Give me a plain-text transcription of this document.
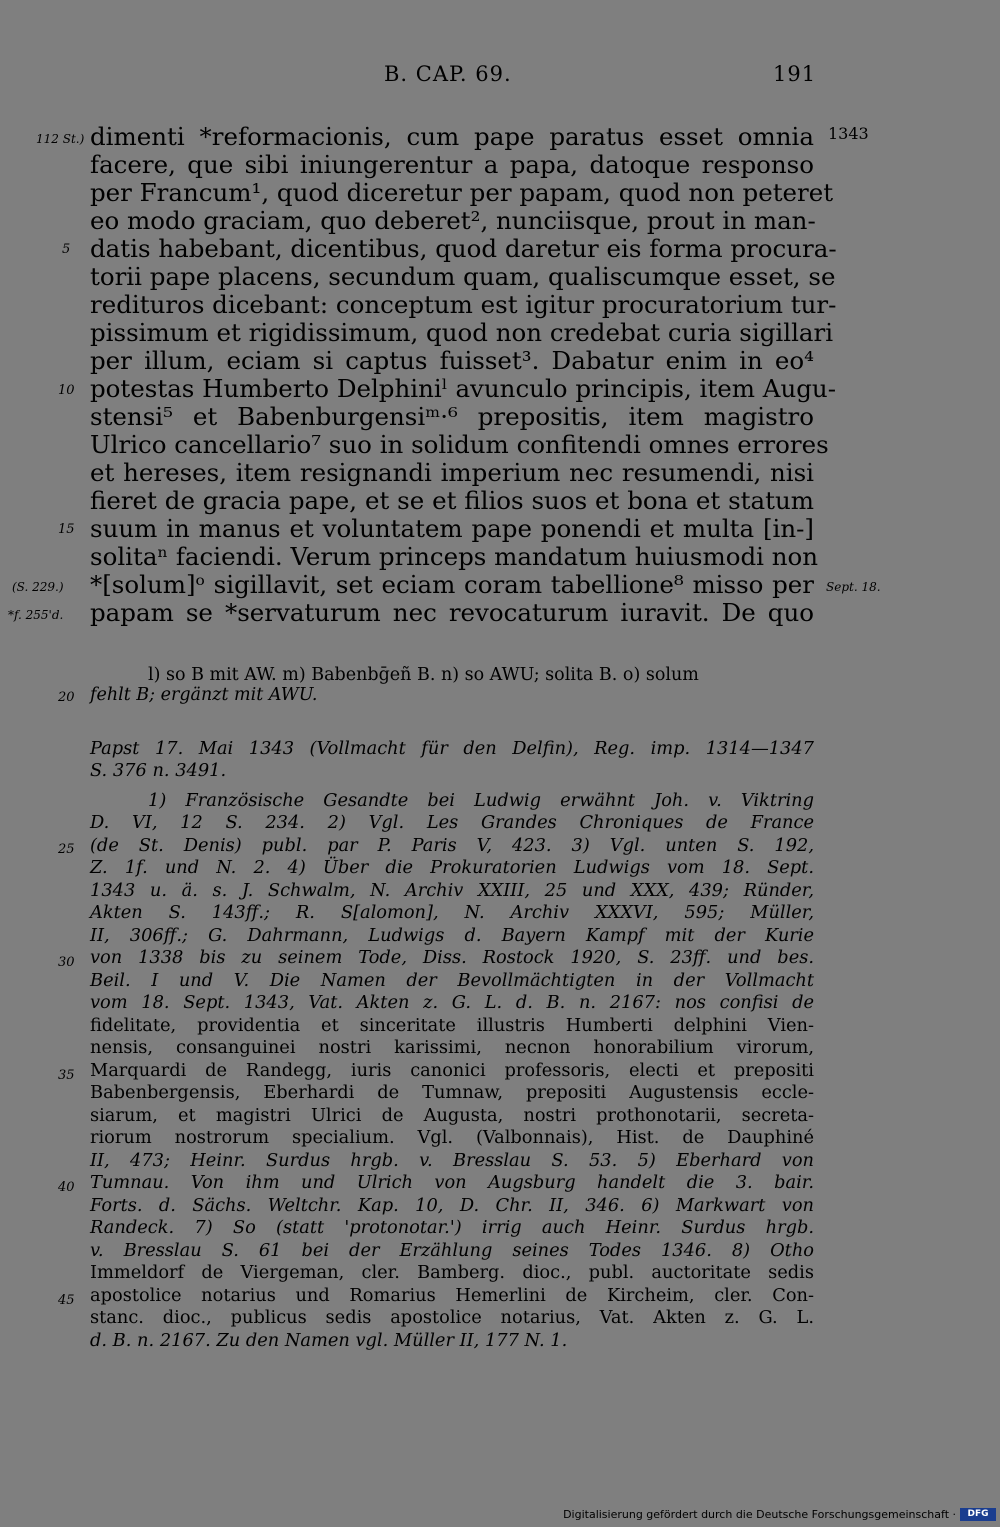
B. CAP. 69.	191
dimenti *reformacionis, cum pape paratus esset omnia
facere, que sibi iniungerentur a papa, datoque responso
per Francum¹, quod diceretur per papam, quod non peteret
eo modo graciam, quo deberet², nunciisque, prout in man-
datis habebant, dicentibus, quod daretur eis forma procura-
torii pape placens, secundum quam, qualiscumque esset, se
redituros dicebant: conceptum est igitur procuratorium tur-
pissimum et rigidissimum, quod non credebat curia sigillari
per illum, eciam si captus fuisset³. Dabatur enim in eo⁴
potestas Humberto Delphiniˡ avunculo principis, item Augu-
stensi⁵ et Babenburgensiᵐ·⁶ prepositis, item magistro
Ulrico cancellario⁷ suo in solidum confitendi omnes errores
et hereses, item resignandi imperium nec resumendi, nisi
fieret de gracia pape, et se et filios suos et bona et statum
suum in manus et voluntatem pape ponendi et multa [in-]
solitaⁿ faciendi. Verum princeps mandatum huiusmodi non
*[solum]ᵒ sigillavit, set eciam coram tabellione⁸ misso per
papam se *servaturum nec revocaturum iuravit. De quo
112 St.)
5
10
15
(S. 229.)
*f. 255'd.
1343
Sept. 18.
l) so B mit AW. m) Babenbḡeñ B. n) so AWU; solita B. o) solum
fehlt B; ergänzt mit AWU.
20
Papst 17. Mai 1343 (Vollmacht für den Delfin), Reg. imp. 1314—1347
S. 376 n. 3491.
1) Französische Gesandte bei Ludwig erwähnt Joh. v. Viktring
D. VI, 12 S. 234. 2) Vgl. Les Grandes Chroniques de France
(de St. Denis) publ. par P. Paris V, 423. 3) Vgl. unten S. 192,
Z. 1f. und N. 2. 4) Über die Prokuratorien Ludwigs vom 18. Sept.
1343 u. ä. s. J. Schwalm, N. Archiv XXIII, 25 und XXX, 439; Ründer,
Akten S. 143ff.; R. S[alomon], N. Archiv XXXVI, 595; Müller,
II, 306ff.; G. Dahrmann, Ludwigs d. Bayern Kampf mit der Kurie
von 1338 bis zu seinem Tode, Diss. Rostock 1920, S. 23ff. und bes.
Beil. I und V. Die Namen der Bevollmächtigten in der Vollmacht
vom 18. Sept. 1343, Vat. Akten z. G. L. d. B. n. 2167: nos confisi de
fidelitate, providentia et sinceritate illustris Humberti delphini Vien-
nensis, consanguinei nostri karissimi, necnon honorabilium virorum,
Marquardi de Randegg, iuris canonici professoris, electi et prepositi
Babenbergensis, Eberhardi de Tumnaw, prepositi Augustensis eccle-
siarum, et magistri Ulrici de Augusta, nostri prothonotarii, secreta-
riorum nostrorum specialium. Vgl. (Valbonnais), Hist. de Dauphiné
II, 473; Heinr. Surdus hrgb. v. Bresslau S. 53. 5) Eberhard von
Tumnau. Von ihm und Ulrich von Augsburg handelt die 3. bair.
Forts. d. Sächs. Weltchr. Kap. 10, D. Chr. II, 346. 6) Markwart von
Randeck. 7) So (statt 'protonotar.') irrig auch Heinr. Surdus hrgb.
v. Bresslau S. 61 bei der Erzählung seines Todes 1346. 8) Otho
Immeldorf de Viergeman, cler. Bamberg. dioc., publ. auctoritate sedis
apostolice notarius und Romarius Hemerlini de Kircheim, cler. Con-
stanc. dioc., publicus sedis apostolice notarius, Vat. Akten z. G. L.
d. B. n. 2167. Zu den Namen vgl. Müller II, 177 N. 1.
25
30
35
40
45
Digitalisierung gefördert durch die Deutsche Forschungsgemeinschaft ·	DFG
